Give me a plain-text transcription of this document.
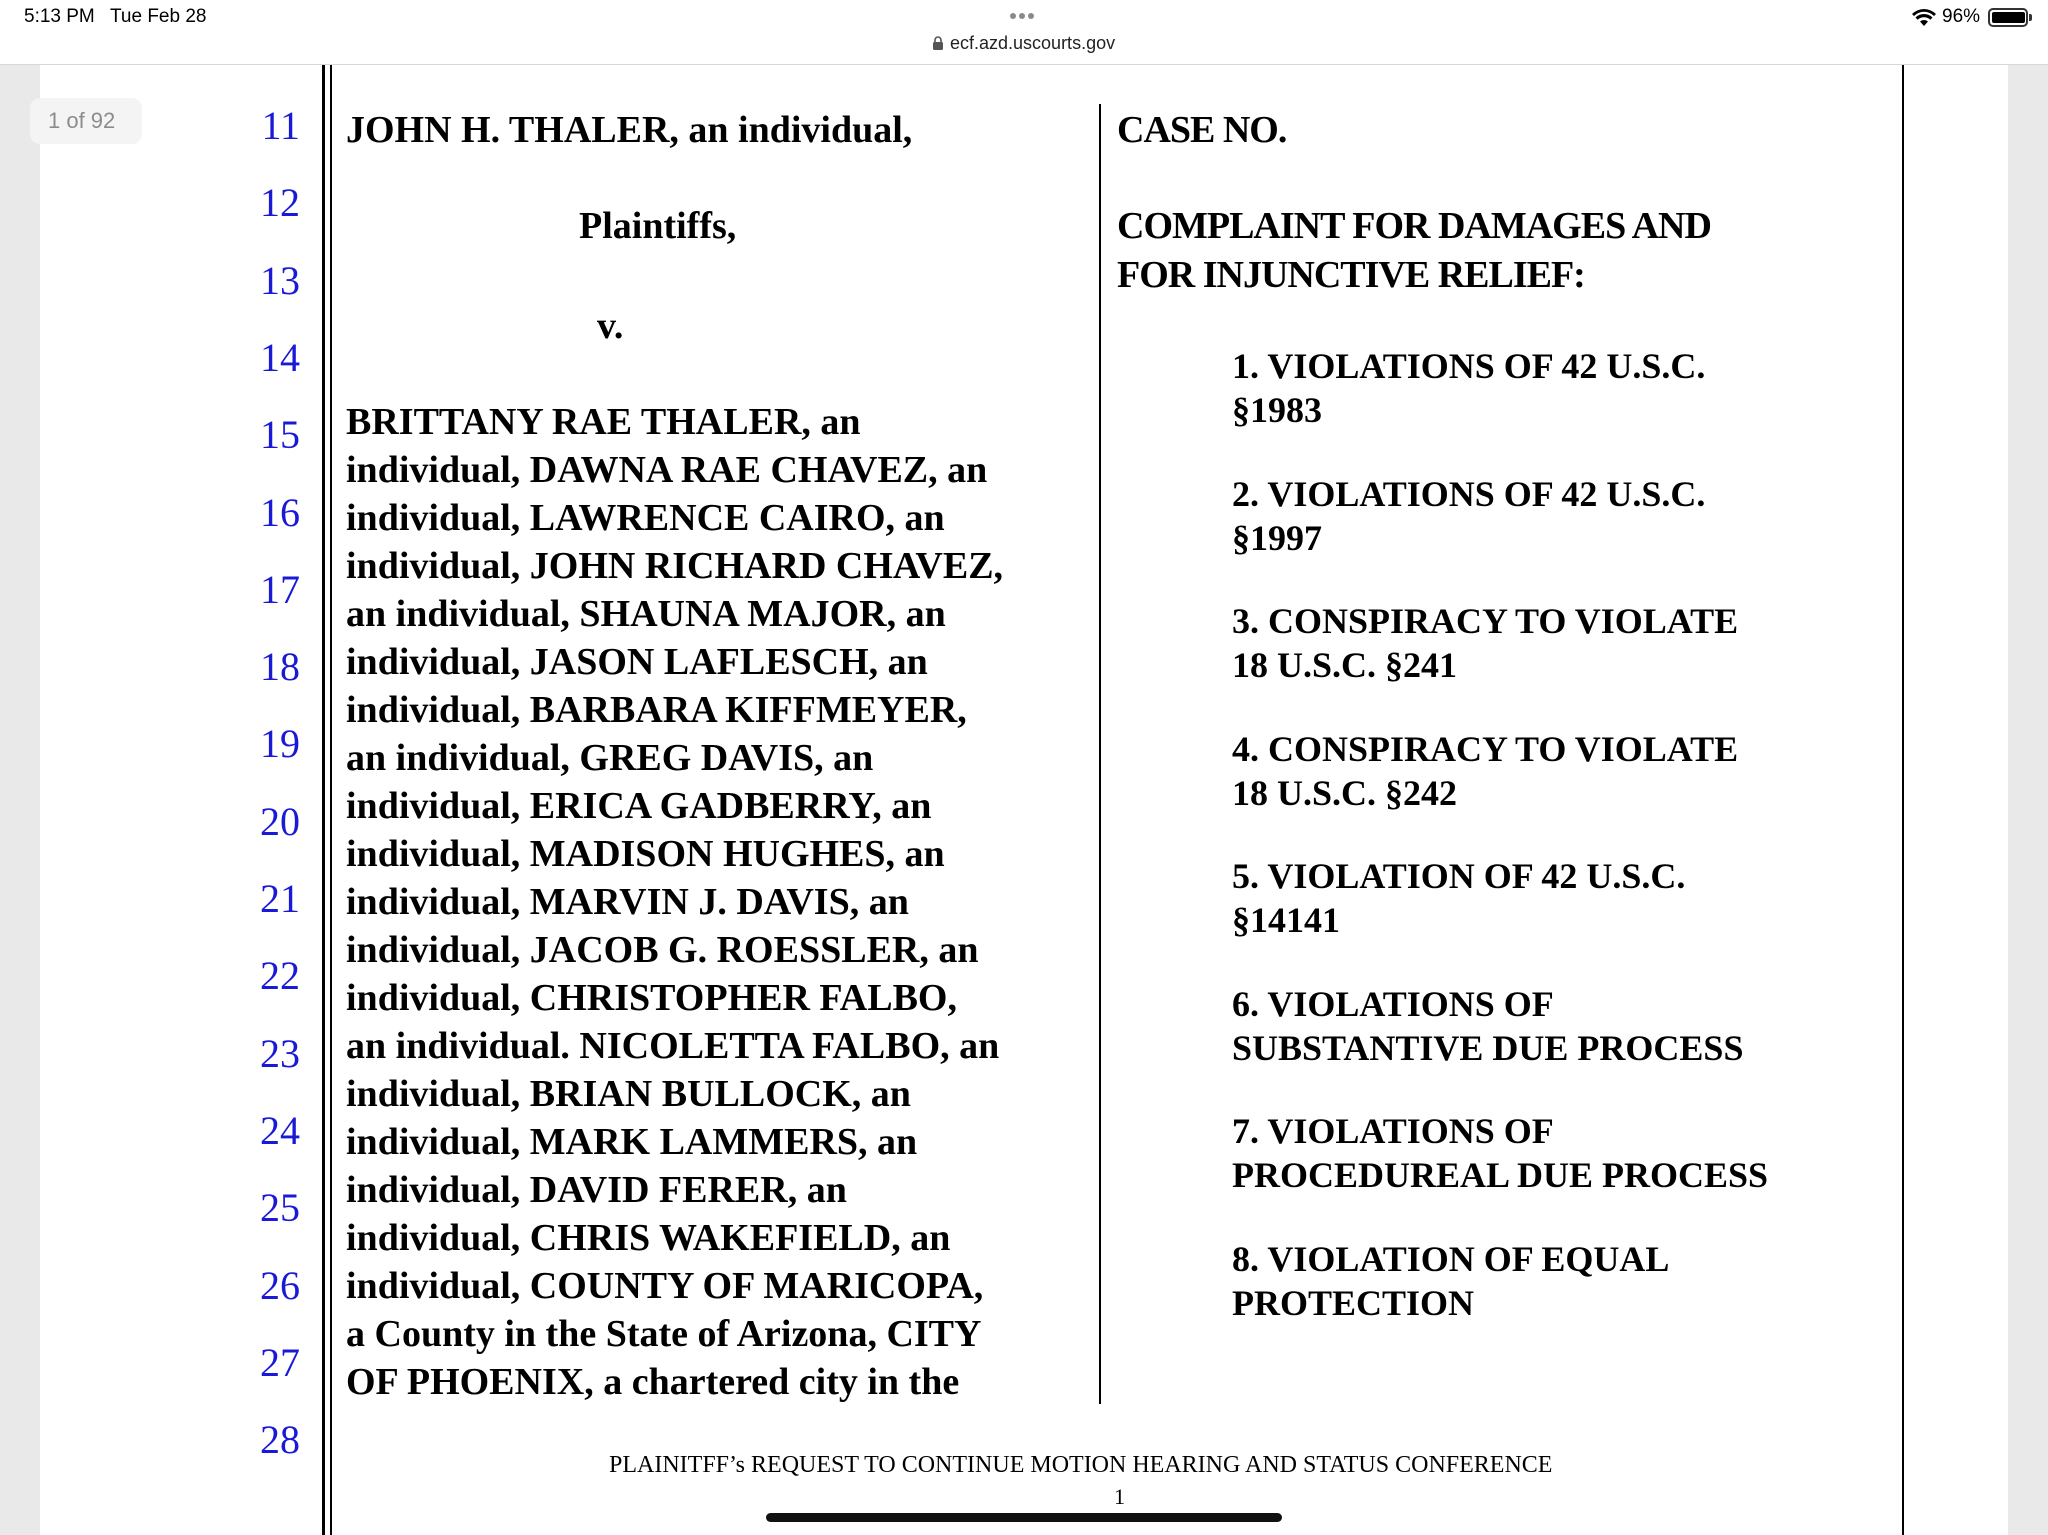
5:13 PM Tue Feb 28	96%
ecf.azd.uscourts.gov
1 of 92	11
12
13
14
15
16
17
18
19
20
21
22
23
24
25
26
27
28
JOHN H. THALER, an individual,
Plaintiffs,
v.
BRITTANY RAE THALER, an
individual, DAWNA RAE CHAVEZ, an
individual, LAWRENCE CAIRO, an
individual, JOHN RICHARD CHAVEZ,
an individual, SHAUNA MAJOR, an
individual, JASON LAFLESCH, an
individual, BARBARA KIFFMEYER,
an individual, GREG DAVIS, an
individual, ERICA GADBERRY, an
individual, MADISON HUGHES, an
individual, MARVIN J. DAVIS, an
individual, JACOB G. ROESSLER, an
individual, CHRISTOPHER FALBO,
an individual. NICOLETTA FALBO, an
individual, BRIAN BULLOCK, an
individual, MARK LAMMERS, an
individual, DAVID FERER, an
individual, CHRIS WAKEFIELD, an
individual, COUNTY OF MARICOPA,
a County in the State of Arizona, CITY
OF PHOENIX, a chartered city in the
CASE NO.
COMPLAINT FOR DAMAGES AND
FOR INJUNCTIVE RELIEF:
1. VIOLATIONS OF 42 U.S.C.
§1983
2. VIOLATIONS OF 42 U.S.C.
§1997
3. CONSPIRACY TO VIOLATE
18 U.S.C. §241
4. CONSPIRACY TO VIOLATE
18 U.S.C. §242
5. VIOLATION OF 42 U.S.C.
§14141
6. VIOLATIONS OF
SUBSTANTIVE DUE PROCESS
7. VIOLATIONS OF
PROCEDUREAL DUE PROCESS
8. VIOLATION OF EQUAL
PROTECTION
PLAINITFF’s REQUEST TO CONTINUE MOTION HEARING AND STATUS CONFERENCE
1
